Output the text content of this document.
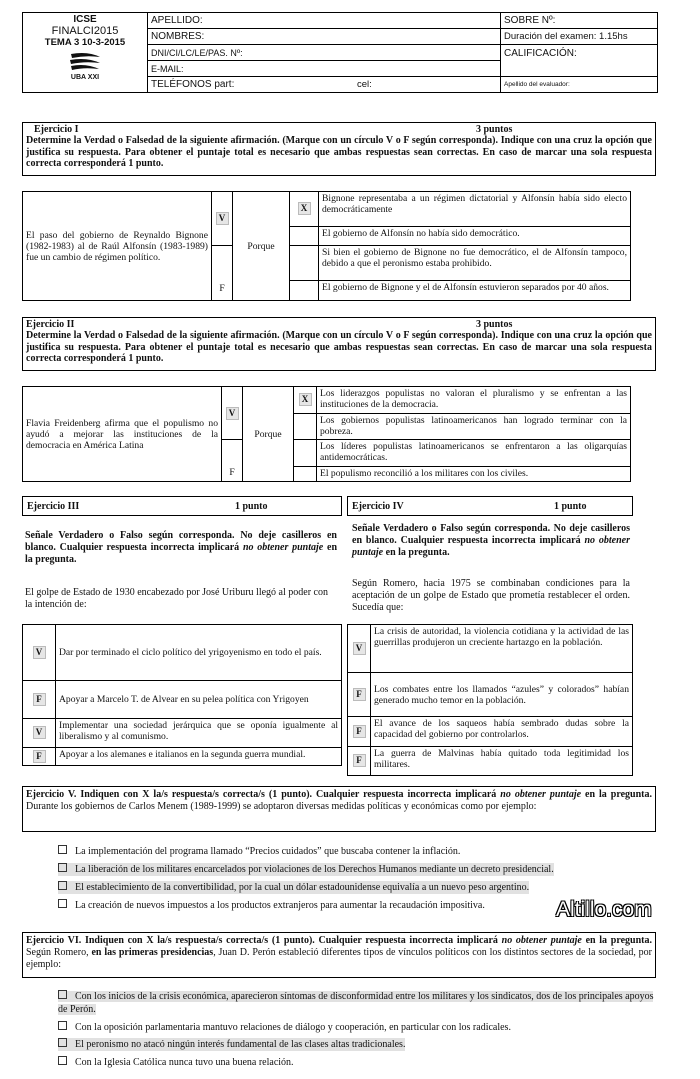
ICSE
FINALCI2015
TEMA 3 10-3-2015
UBA XXI	APELLIDO:		SOBRE Nº:
	NOMBRES:		Duración del examen: 1.15hs
	DNI/CI/LC/LE/PAS. Nº:		CALIFICACIÓN:
	E-MAIL:		
	TELÉFONOS part:	cel:	Apellido del evaluador:
Ejercicio I	3 puntos
Determine la Verdad o Falsedad de la siguiente afirmación. (Marque con un círculo V o F según corresponda). Indique con una cruz la opción que justifica su respuesta. Para obtener el puntaje total es necesario que ambas respuestas sean correctas. En caso de marcar una sola respuesta correcta corresponderá 1 punto.
El paso del gobierno de Reynaldo Bignone (1982-1983) al de Raúl Alfonsín (1983-1989) fue un cambio de régimen político.	V	Porque	X	Bignone representaba a un régimen dictatorial y Alfonsín había sido electo democráticamente
				El gobierno de Alfonsín no había sido democrático.
	F			Si bien el gobierno de Bignone no fue democrático, el de Alfonsín tampoco, debido a que el peronismo estaba prohibido.
				El gobierno de Bignone y el de Alfonsín estuvieron separados por 40 años.
Ejercicio II	3 puntos
Determine la Verdad o Falsedad de la siguiente afirmación. (Marque con un círculo V o F según corresponda). Indique con una cruz la opción que justifica su respuesta. Para obtener el puntaje total es necesario que ambas respuestas sean correctas. En caso de marcar una sola respuesta correcta corresponderá 1 punto.
Flavia Freidenberg afirma que el populismo no ayudó a mejorar las instituciones de la democracia en América Latina	V	Porque	X	Los liderazgos populistas no valoran el pluralismo y se enfrentan a las instituciones de la democracia.
				Los gobiernos populistas latinoamericanos han logrado terminar con la pobreza.
	F			Los líderes populistas latinoamericanos se enfrentaron a las oligarquías antidemocráticas.
				El populismo reconcilió a los militares con los civiles.
Ejercicio III	1 punto
Señale Verdadero o Falso según corresponda. No deje casilleros en blanco. Cualquier respuesta incorrecta implicará no obtener puntaje en la pregunta.
El golpe de Estado de 1930 encabezado por José Uriburu llegó al poder con la intención de:
V	Dar por terminado el ciclo político del yrigoyenismo en todo el país.
F	Apoyar a Marcelo T. de Alvear en su pelea política con Yrigoyen
V	Implementar una sociedad jerárquica que se oponía igualmente al liberalismo y al comunismo.
F	Apoyar a los alemanes e italianos en la segunda guerra mundial.
Ejercicio IV	1 punto
Señale Verdadero o Falso según corresponda. No deje casilleros en blanco. Cualquier respuesta incorrecta implicará no obtener puntaje en la pregunta.
Según Romero, hacia 1975 se combinaban condiciones para la aceptación de un golpe de Estado que prometía restablecer el orden. Sucedía que:
V	La crisis de autoridad, la violencia cotidiana y la actividad de las guerrillas produjeron un creciente hartazgo en la población.
F	Los combates entre los llamados “azules” y colorados” habían generado mucho temor en la población.
F	El avance de los saqueos había sembrado dudas sobre la capacidad del gobierno por controlarlos.
F	La guerra de Malvinas había quitado toda legitimidad los militares.
Ejercicio V. Indiquen con X la/s respuesta/s correcta/s (1 punto). Cualquier respuesta incorrecta implicará no obtener puntaje en la pregunta. Durante los gobiernos de Carlos Menem (1989-1999) se adoptaron diversas medidas políticas y económicas como por ejemplo:
La implementación del programa llamado “Precios cuidados” que buscaba contener la inflación.
La liberación de los militares encarcelados por violaciones de los Derechos Humanos mediante un decreto presidencial.
El establecimiento de la convertibilidad, por la cual un dólar estadounidense equivalía a un nuevo peso argentino.
La creación de nuevos impuestos a los productos extranjeros para aumentar la recaudación impositiva.	Altillo.com
Ejercicio VI. Indiquen con X la/s respuesta/s correcta/s (1 punto). Cualquier respuesta incorrecta implicará no obtener puntaje en la pregunta. Según Romero, en las primeras presidencias, Juan D. Perón estableció diferentes tipos de vínculos políticos con los distintos sectores de la sociedad, por ejemplo:
Con los inicios de la crisis económica, aparecieron síntomas de disconformidad entre los militares y los sindicatos, dos de los principales apoyos de Perón.
Con la oposición parlamentaria mantuvo relaciones de diálogo y cooperación, en particular con los radicales.
El peronismo no atacó ningún interés fundamental de las clases altas tradicionales.
Con la Iglesia Católica nunca tuvo una buena relación.
